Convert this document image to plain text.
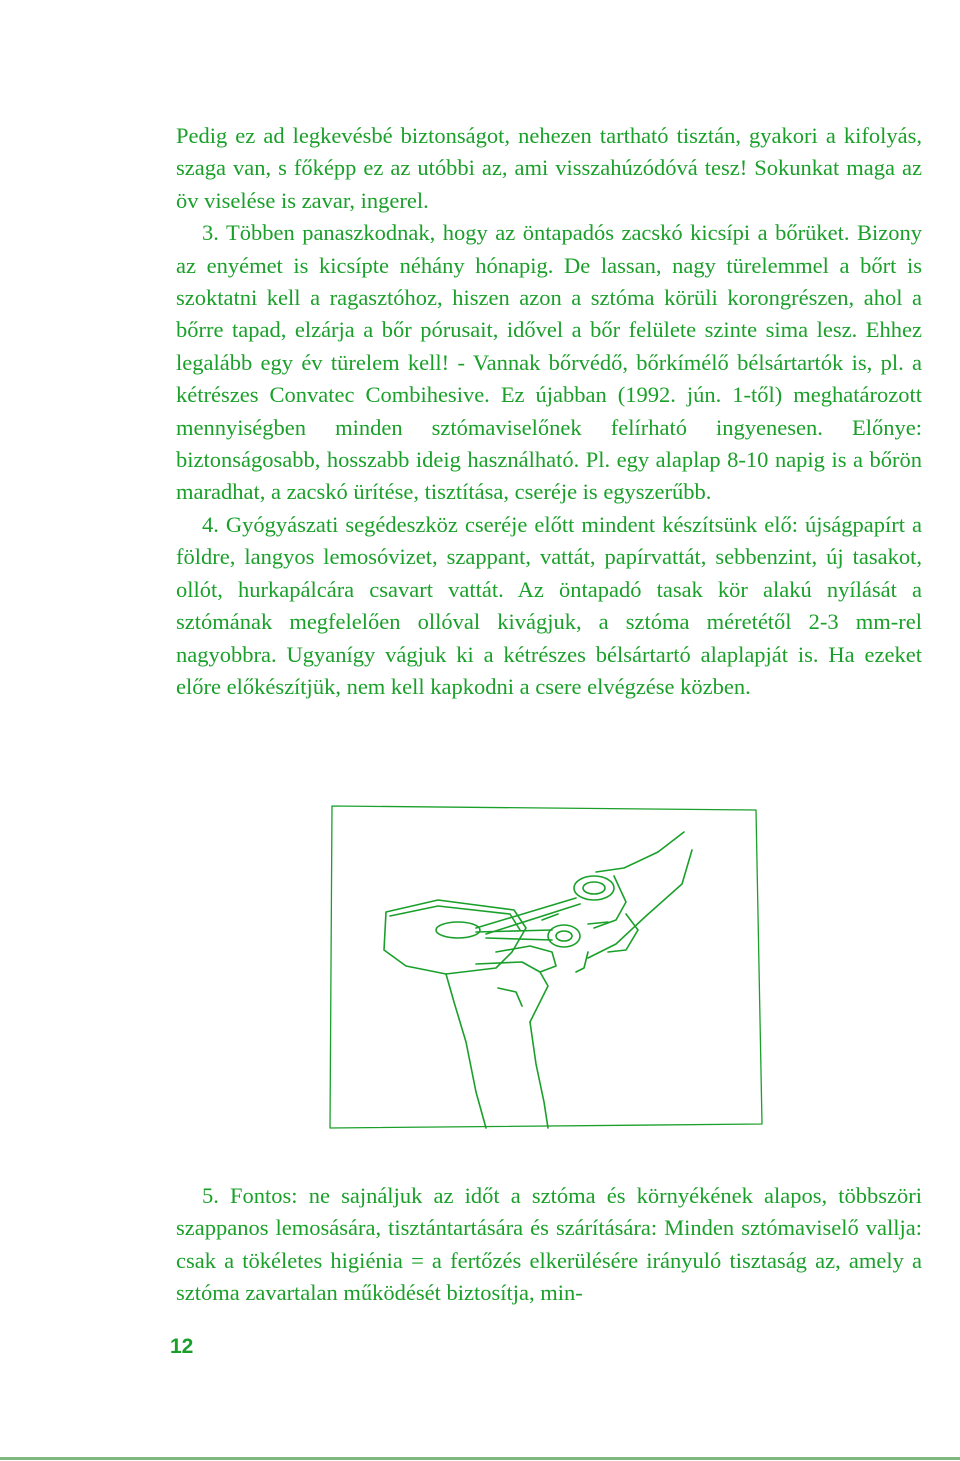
Pedig ez ad legkevésbé biztonságot, nehezen tartható tisztán, gyakori a kifolyás, szaga van, s főképp ez az utóbbi az, ami visszahúzódóvá tesz! Sokunkat maga az öv viselése is zavar, ingerel.

3. Többen panaszkodnak, hogy az öntapadós zacskó kicsípi a bőrüket. Bizony az enyémet is kicsípte néhány hónapig. De lassan, nagy türelemmel a bőrt is szoktatni kell a ragasztóhoz, hiszen azon a sztóma körüli korongrészen, ahol a bőrre tapad, elzárja a bőr pórusait, idővel a bőr felülete szinte sima lesz. Ehhez legalább egy év türelem kell! - Vannak bőrvédő, bőrkímélő bélsártartók is, pl. a kétrészes Convatec Combihesive. Ez újabban (1992. jún. 1-től) meghatározott mennyiségben minden sztómaviselőnek felírható ingyenesen. Előnye: biztonságosabb, hosszabb ideig használható. Pl. egy alaplap 8-10 napig is a bőrön maradhat, a zacskó ürítése, tisztítása, cseréje is egyszerűbb.

4. Gyógyászati segédeszköz cseréje előtt mindent készítsünk elő: újságpapírt a földre, langyos lemosóvizet, szappant, vattát, papírvattát, sebbenzint, új tasakot, ollót, hurkapálcára csavart vattát. Az öntapadó tasak kör alakú nyílását a sztómának megfelelően ollóval kivágjuk, a sztóma méretétől 2-3 mm-rel nagyobbra. Ugyanígy vágjuk ki a kétrészes bélsártartó alaplapját is. Ha ezeket előre előkészítjük, nem kell kapkodni a csere elvégzése közben.

5. Fontos: ne sajnáljuk az időt a sztóma és környékének alapos, többszöri szappanos lemosására, tisztántartására és szárítására: Minden sztómaviselő vallja: csak a tökéletes higiénia = a fertőzés elkerülésére irányuló tisztaság az, amely a sztóma zavartalan működését biztosítja, min-

12
